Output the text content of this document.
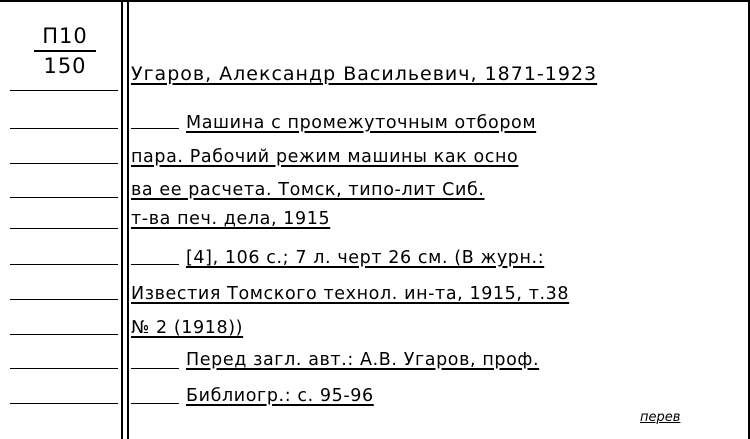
П10
150	Угаров, Александр Васильевич, 1871-1923
Машина с промежуточным отбором
пара. Рабочий режим машины как осно
ва ее расчета. Томск, типо-лит Сиб.
т-ва печ. дела, 1915
[4], 106 с.; 7 л. черт 26 см. (В журн.:
Известия Томского технол. ин-та, 1915, т.38
№ 2 (1918))
Перед загл. авт.: А.В. Угаров, проф.
Библиогр.: с. 95-96
перев
